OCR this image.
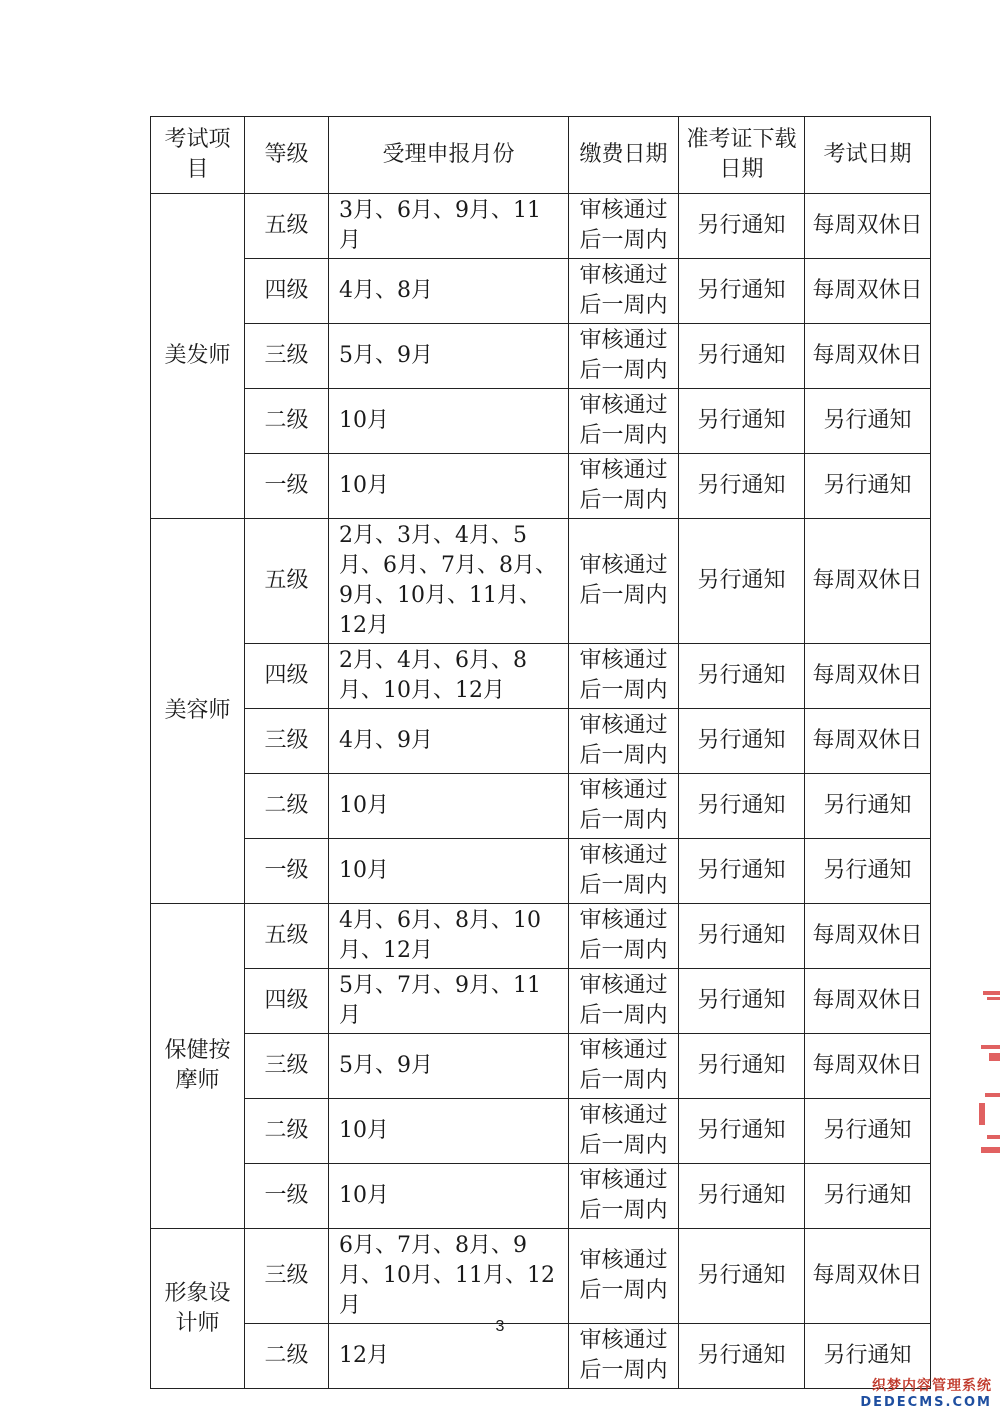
考试项目	等级	受理申报月份	缴费日期	准考证下载日期	考试日期
美发师	五级	3月、6月、9月、11月	审核通过后一周内	另行通知	每周双休日
	四级	4月、8月	审核通过后一周内	另行通知	每周双休日
	三级	5月、9月	审核通过后一周内	另行通知	每周双休日
	二级	10月	审核通过后一周内	另行通知	另行通知
	一级	10月	审核通过后一周内	另行通知	另行通知
美容师	五级	2月、3月、4月、5月、6月、7月、8月、9月、10月、11月、12月	审核通过后一周内	另行通知	每周双休日
	四级	2月、4月、6月、8月、10月、12月	审核通过后一周内	另行通知	每周双休日
	三级	4月、9月	审核通过后一周内	另行通知	每周双休日
	二级	10月	审核通过后一周内	另行通知	另行通知
	一级	10月	审核通过后一周内	另行通知	另行通知
保健按摩师	五级	4月、6月、8月、10月、12月	审核通过后一周内	另行通知	每周双休日
	四级	5月、7月、9月、11月	审核通过后一周内	另行通知	每周双休日
	三级	5月、9月	审核通过后一周内	另行通知	每周双休日
	二级	10月	审核通过后一周内	另行通知	另行通知
	一级	10月	审核通过后一周内	另行通知	另行通知
形象设计师	三级	6月、7月、8月、9月、10月、11月、12月	审核通过后一周内	另行通知	每周双休日
	二级	12月	审核通过后一周内	另行通知	另行通知
3
织梦内容管理系统
DEDECMS.COM
